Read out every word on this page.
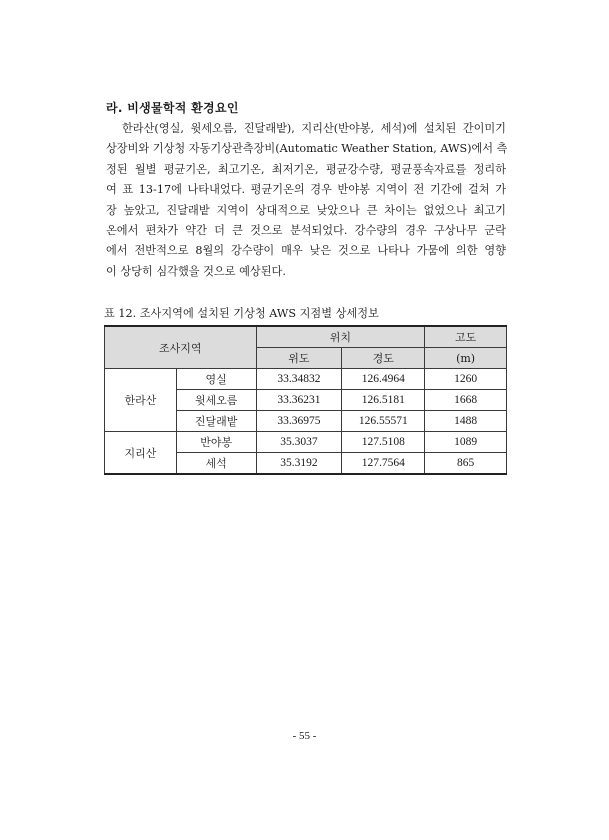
라. 비생물학적 환경요인
한라산(영실, 윗세오름, 진달래밭), 지리산(반야봉, 세석)에 설치된 간이미기
상장비와 기상청 자동기상관측장비(Automatic Weather Station, AWS)에서 측
정된 월별 평균기온, 최고기온, 최저기온, 평균강수량, 평균풍속자료를 정리하
여 표 13-17에 나타내었다. 평균기온의 경우 반야봉 지역이 전 기간에 걸쳐 가
장 높았고, 진달래밭 지역이 상대적으로 낮았으나 큰 차이는 없었으나 최고기
온에서 편차가 약간 더 큰 것으로 분석되었다. 강수량의 경우 구상나무 군락
에서 전반적으로 8월의 강수량이 매우 낮은 것으로 나타나 가뭄에 의한 영향
이 상당히 심각했을 것으로 예상된다.
표 12. 조사지역에 설치된 기상청 AWS 지점별 상세정보
조사지역		위치		고도
		위도	경도	(m)
한라산	영실	33.34832	126.4964	1260
	윗세오름	33.36231	126.5181	1668
	진달래밭	33.36975	126.55571	1488
지리산	반야봉	35.3037	127.5108	1089
	세석	35.3192	127.7564	865
- 55 -
